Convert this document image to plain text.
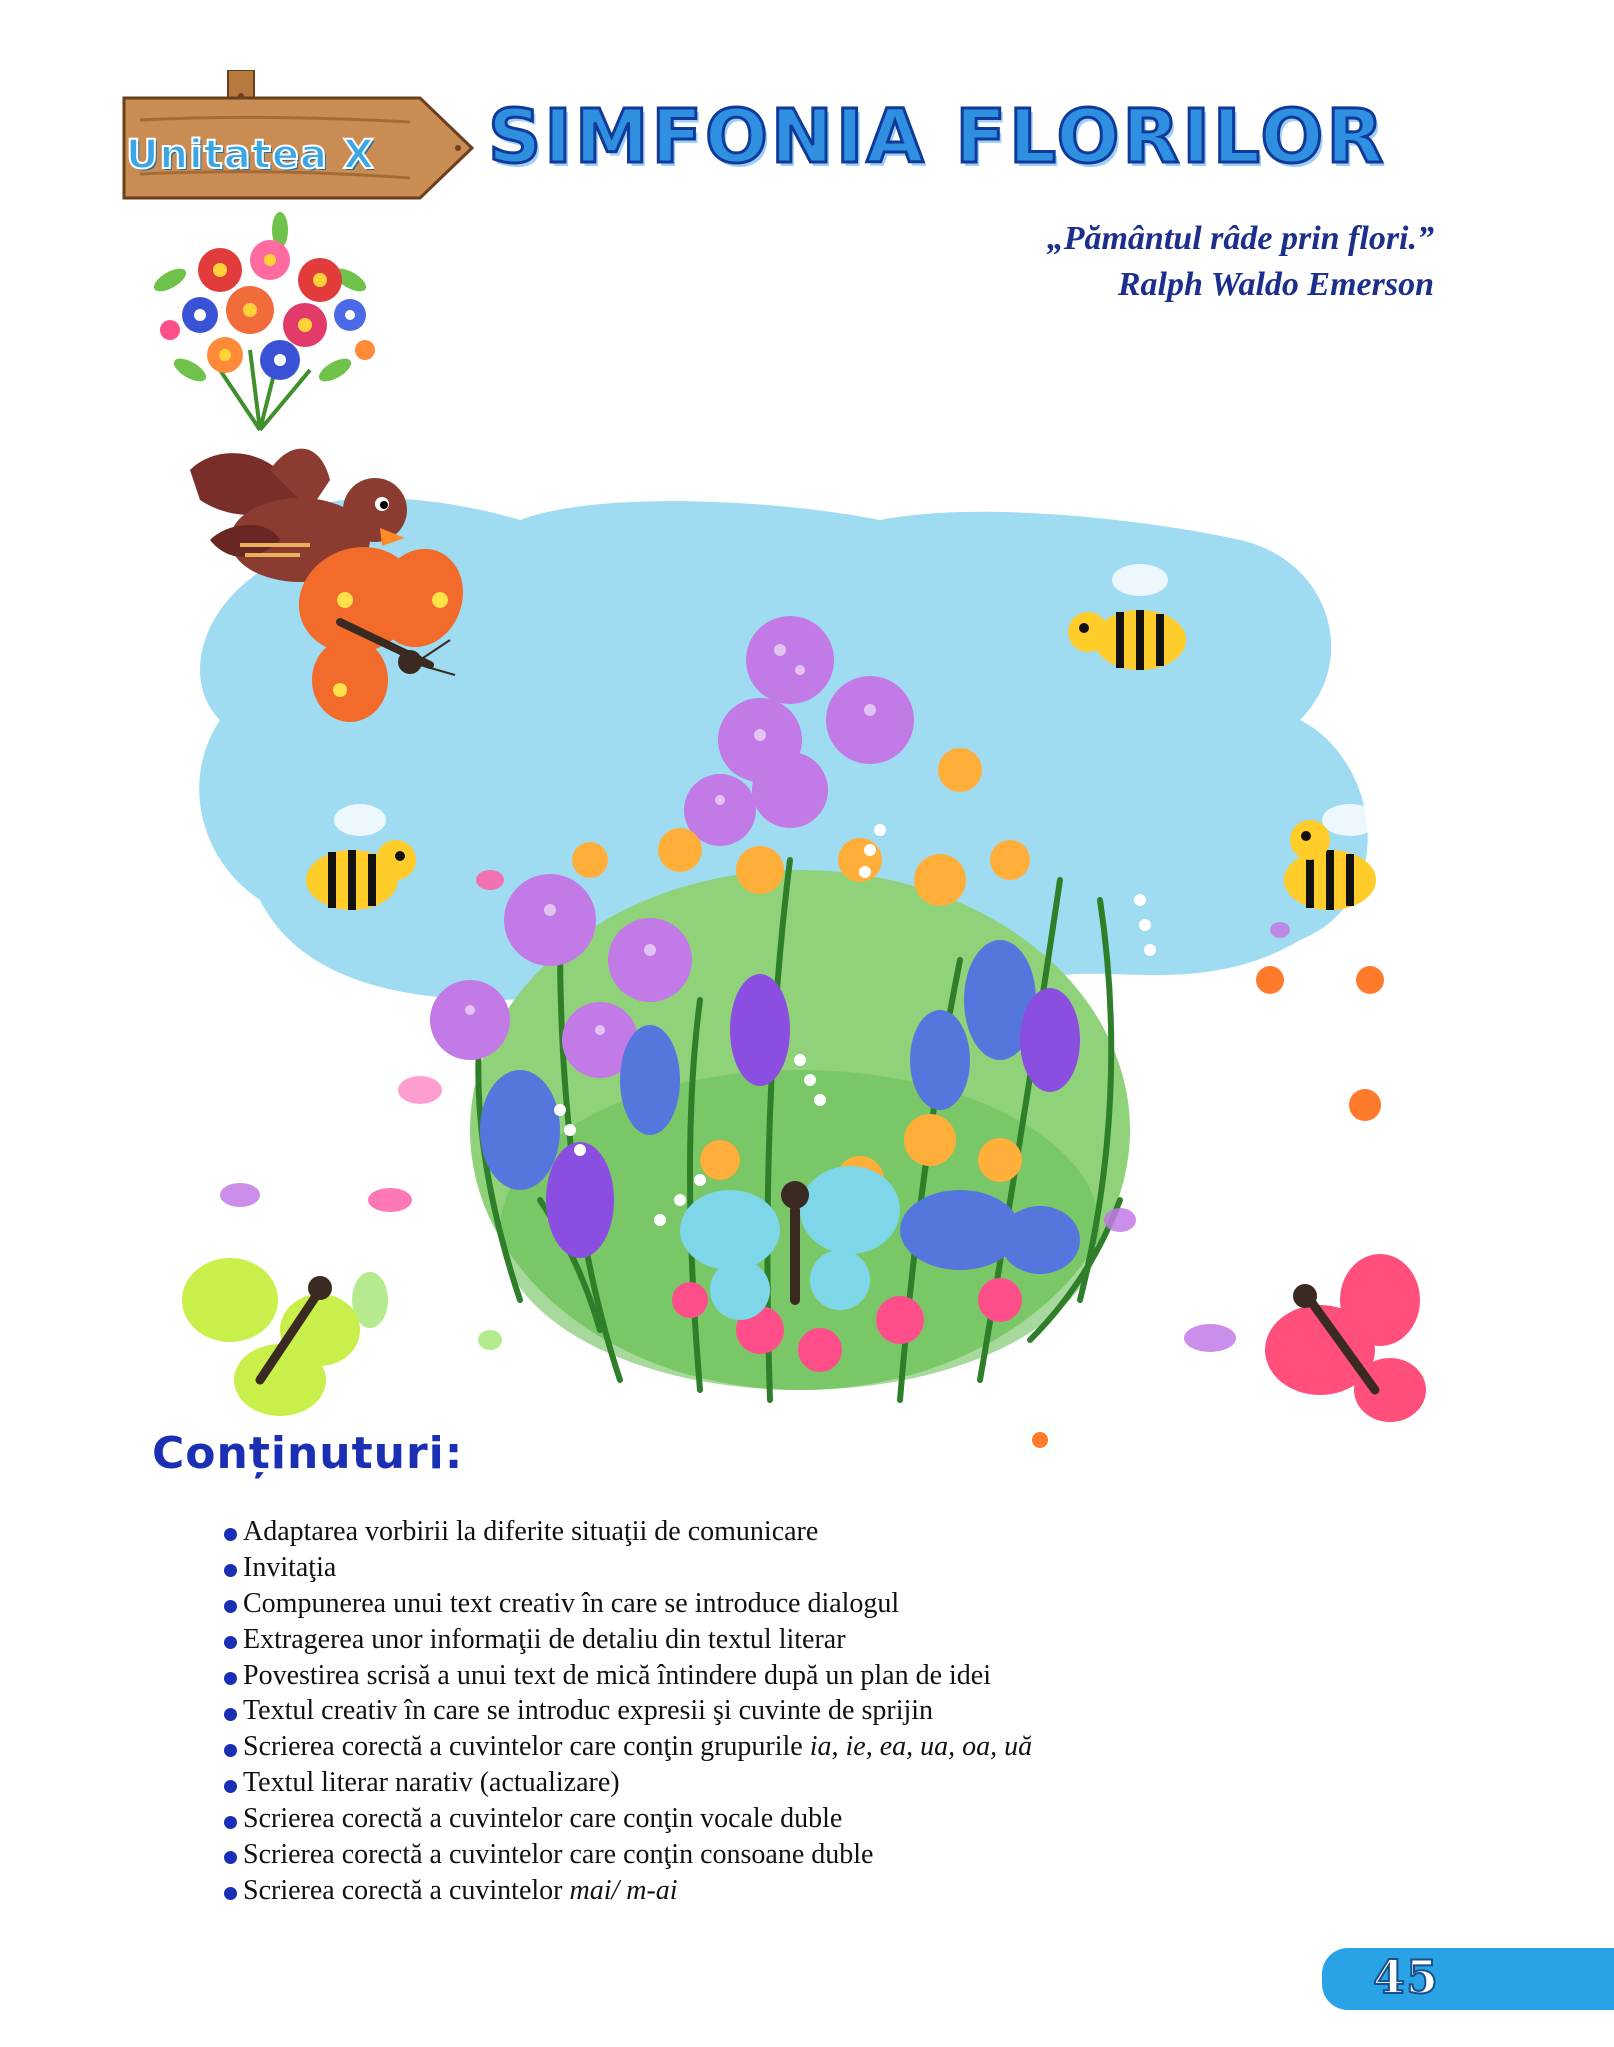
Unitatea X	SIMFONIA FLORILOR
„Pământul râde prin flori.”
Ralph Waldo Emerson
Conținuturi:
Adaptarea vorbirii la diferite situaţii de comunicare
Invitaţia
Compunerea unui text creativ în care se introduce dialogul
Extragerea unor informaţii de detaliu din textul literar
Povestirea scrisă a unui text de mică întindere după un plan de idei
Textul creativ în care se introduc expresii şi cuvinte de sprijin
Scrierea corectă a cuvintelor care conţin grupurile ia, ie, ea, ua, oa, uă
Textul literar narativ (actualizare)
Scrierea corectă a cuvintelor care conţin vocale duble
Scrierea corectă a cuvintelor care conţin consoane duble
Scrierea corectă a cuvintelor mai/ m-ai
45
